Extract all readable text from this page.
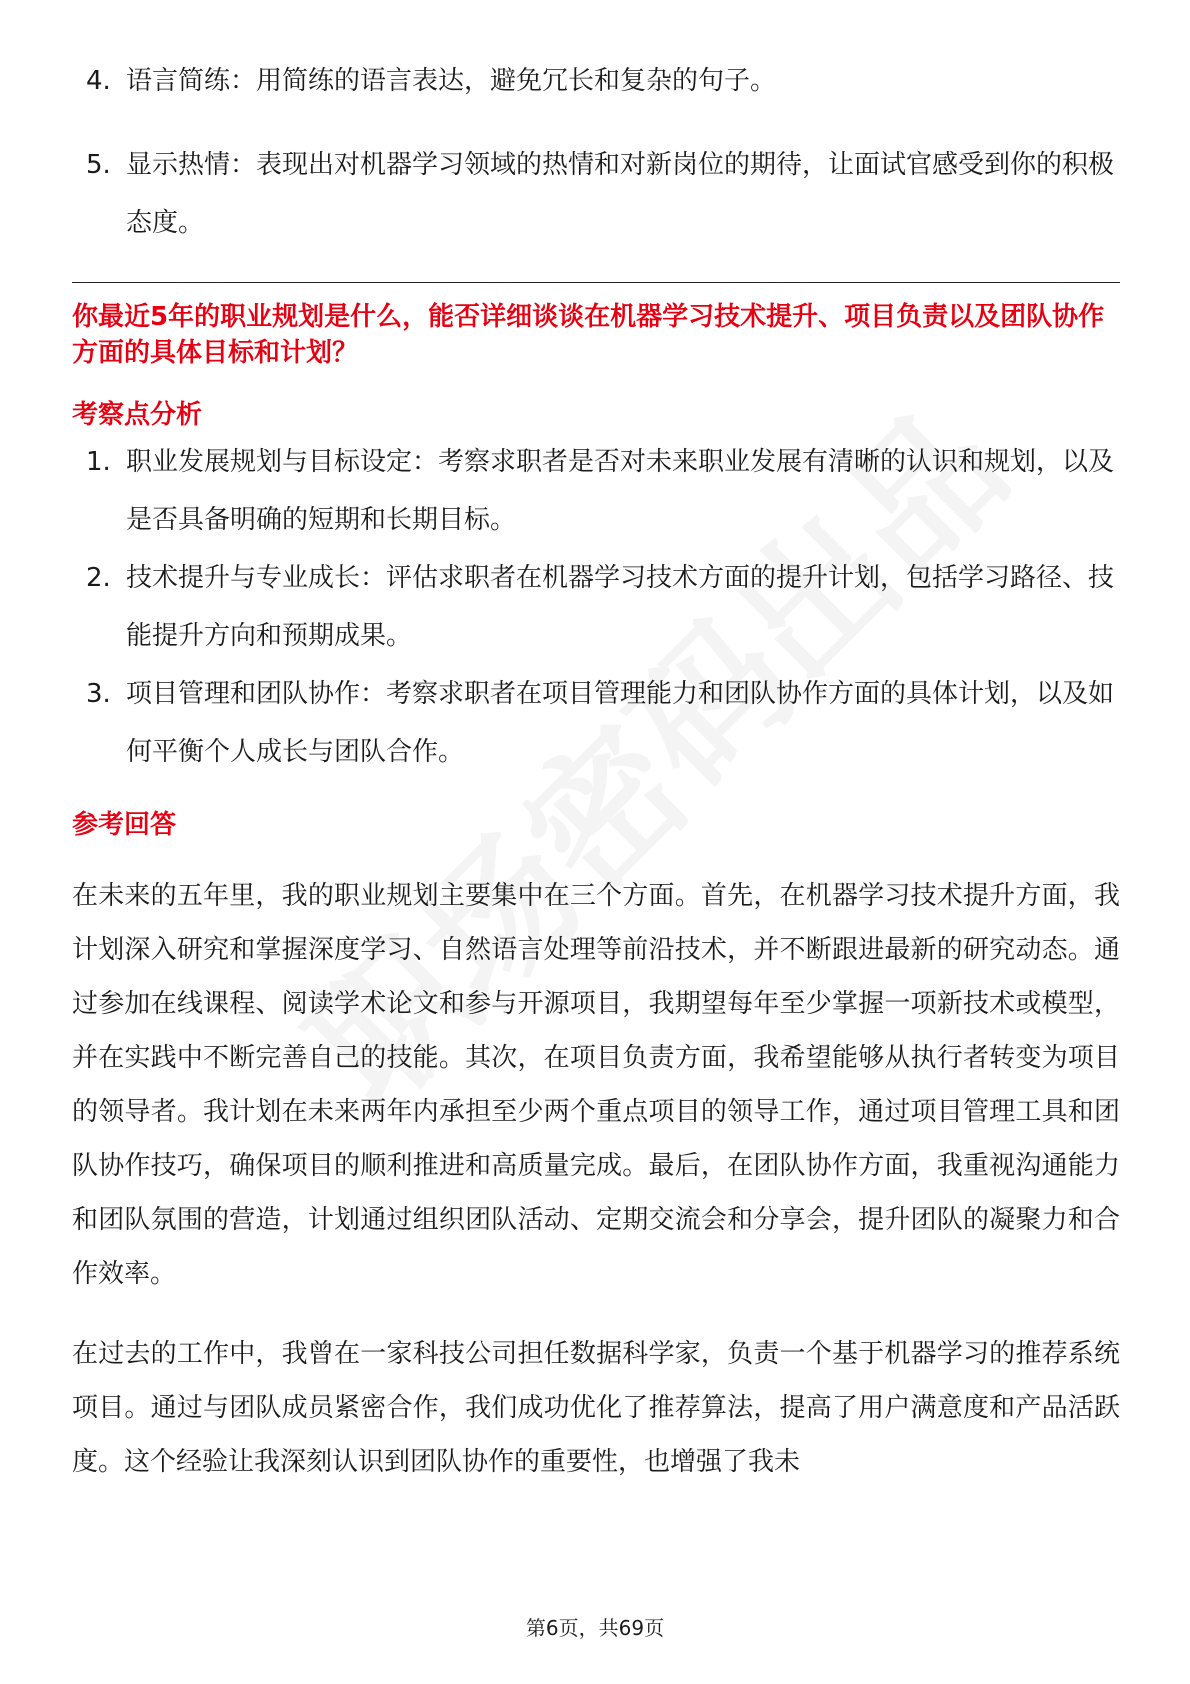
4. 语言简练：用简练的语言表达，避免冗长和复杂的句子。
5. 显示热情：表现出对机器学习领域的热情和对新岗位的期待，让面试官感受到你的积极态度。
你最近5年的职业规划是什么，能否详细谈谈在机器学习技术提升、项目负责以及团队协作方面的具体目标和计划？
考察点分析
1. 职业发展规划与目标设定：考察求职者是否对未来职业发展有清晰的认识和规划，以及是否具备明确的短期和长期目标。
2. 技术提升与专业成长：评估求职者在机器学习技术方面的提升计划，包括学习路径、技能提升方向和预期成果。
3. 项目管理和团队协作：考察求职者在项目管理能力和团队协作方面的具体计划，以及如何平衡个人成长与团队合作。
参考回答

在未来的五年里，我的职业规划主要集中在三个方面。首先，在机器学习技术提升方面，我计划深入研究和掌握深度学习、自然语言处理等前沿技术，并不断跟进最新的研究动态。通过参加在线课程、阅读学术论文和参与开源项目，我期望每年至少掌握一项新技术或模型，并在实践中不断完善自己的技能。其次，在项目负责方面，我希望能够从执行者转变为项目的领导者。我计划在未来两年内承担至少两个重点项目的领导工作，通过项目管理工具和团队协作技巧，确保项目的顺利推进和高质量完成。最后，在团队协作方面，我重视沟通能力和团队氛围的营造，计划通过组织团队活动、定期交流会和分享会，提升团队的凝聚力和合作效率。

在过去的工作中，我曾在一家科技公司担任数据科学家，负责一个基于机器学习的推荐系统项目。通过与团队成员紧密合作，我们成功优化了推荐算法，提高了用户满意度和产品活跃度。这个经验让我深刻认识到团队协作的重要性，也增强了我未

第6页，共69页
